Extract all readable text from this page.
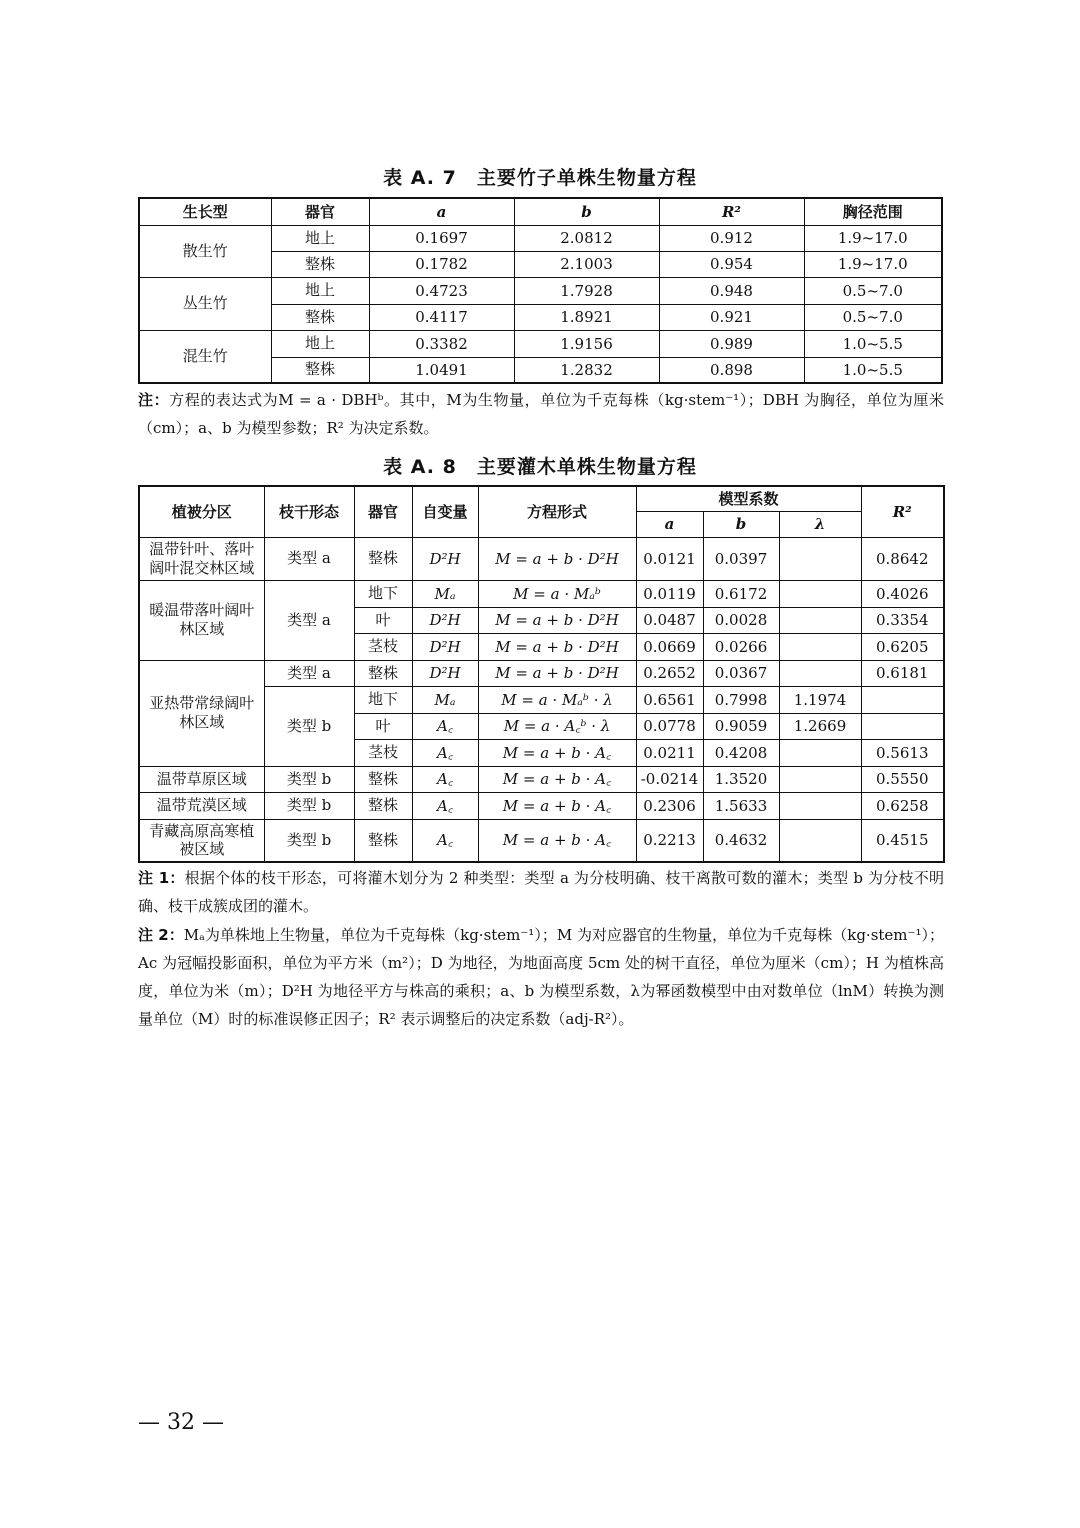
表 A. 7　主要竹子单株生物量方程
生长型	器官	a	b	R²	胸径范围
散生竹	地上	0.1697	2.0812	0.912	1.9~17.0
	整株	0.1782	2.1003	0.954	1.9~17.0
丛生竹	地上	0.4723	1.7928	0.948	0.5~7.0
	整株	0.4117	1.8921	0.921	0.5~7.0
混生竹	地上	0.3382	1.9156	0.989	1.0~5.5
	整株	1.0491	1.2832	0.898	1.0~5.5
注：方程的表达式为M = a · DBHᵇ。其中，M为生物量，单位为千克每株（kg·stem⁻¹）；DBH 为胸径，单位为厘米（cm）；a、b 为模型参数；R² 为决定系数。
表 A. 8　主要灌木单株生物量方程
植被分区	枝干形态	器官	自变量	方程形式	模型系数			R²
					a	b	λ	
温带针叶、落叶阔叶混交林区域	类型 a	整株	D²H	M = a + b · D²H	0.0121	0.0397		0.8642
暖温带落叶阔叶林区域	类型 a	地下	Mₐ	M = a · Mₐᵇ	0.0119	0.6172		0.4026
		叶	D²H	M = a + b · D²H	0.0487	0.0028		0.3354
		茎枝	D²H	M = a + b · D²H	0.0669	0.0266		0.6205
亚热带常绿阔叶林区域	类型 a	整株	D²H	M = a + b · D²H	0.2652	0.0367		0.6181
	类型 b	地下	Mₐ	M = a · Mₐᵇ · λ	0.6561	0.7998	1.1974	
		叶	A꜀	M = a · A꜀ᵇ · λ	0.0778	0.9059	1.2669	
		茎枝	A꜀	M = a + b · A꜀	0.0211	0.4208		0.5613
温带草原区域	类型 b	整株	A꜀	M = a + b · A꜀	-0.0214	1.3520		0.5550
温带荒漠区域	类型 b	整株	A꜀	M = a + b · A꜀	0.2306	1.5633		0.6258
青藏高原高寒植被区域	类型 b	整株	A꜀	M = a + b · A꜀	0.2213	0.4632		0.4515
注 1：根据个体的枝干形态，可将灌木划分为 2 种类型：类型 a 为分枝明确、枝干离散可数的灌木；类型 b 为分枝不明确、枝干成簇成团的灌木。
注 2：Mₐ为单株地上生物量，单位为千克每株（kg·stem⁻¹）；M 为对应器官的生物量，单位为千克每株（kg·stem⁻¹）；Ac 为冠幅投影面积，单位为平方米（m²）；D 为地径，为地面高度 5cm 处的树干直径，单位为厘米（cm）；H 为植株高度，单位为米（m）；D²H 为地径平方与株高的乘积；a、b 为模型系数，λ为幂函数模型中由对数单位（lnM）转换为测量单位（M）时的标准误修正因子；R² 表示调整后的决定系数（adj-R²）。
— 32 —
